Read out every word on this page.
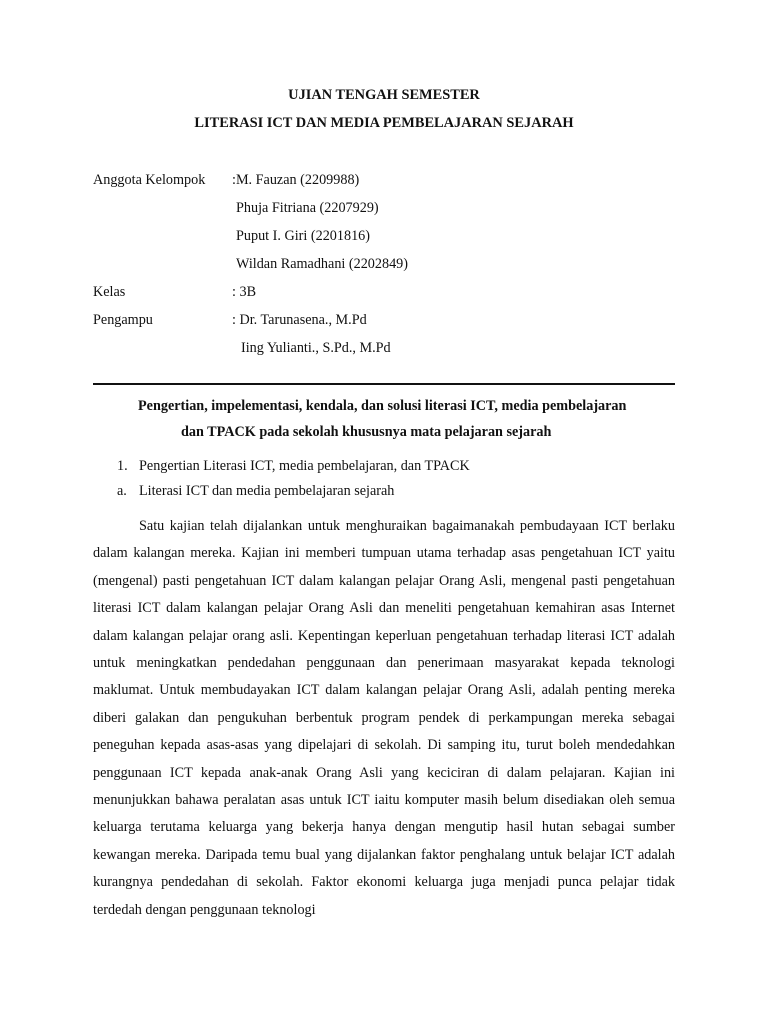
UJIAN TENGAH SEMESTER
LITERASI ICT DAN MEDIA PEMBELAJARAN SEJARAH
Anggota Kelompok :M. Fauzan (2209988)
Phuja Fitriana (2207929)
Puput I. Giri (2201816)
Wildan Ramadhani (2202849)
Kelas	: 3B
Pengampu	: Dr. Tarunasena., M.Pd
Iing Yulianti., S.Pd., M.Pd
Pengertian, impelementasi, kendala, dan solusi literasi ICT, media pembelajaran
dan TPACK pada sekolah khususnya mata pelajaran sejarah
1. Pengertian Literasi ICT, media pembelajaran, dan TPACK
a. Literasi ICT dan media pembelajaran sejarah

Satu kajian telah dijalankan untuk menghuraikan bagaimanakah pembudayaan ICT berlaku dalam kalangan mereka. Kajian ini memberi tumpuan utama terhadap asas pengetahuan ICT yaitu (mengenal) pasti pengetahuan ICT dalam kalangan pelajar Orang Asli, mengenal pasti pengetahuan literasi ICT dalam kalangan pelajar Orang Asli dan meneliti pengetahuan kemahiran asas Internet dalam kalangan pelajar orang asli. Kepentingan keperluan pengetahuan terhadap literasi ICT adalah untuk meningkatkan pendedahan penggunaan dan penerimaan masyarakat kepada teknologi maklumat. Untuk membudayakan ICT dalam kalangan pelajar Orang Asli, adalah penting mereka diberi galakan dan pengukuhan berbentuk program pendek di perkampungan mereka sebagai peneguhan kepada asas-asas yang dipelajari di sekolah. Di samping itu, turut boleh mendedahkan penggunaan ICT kepada anak-anak Orang Asli yang keciciran di dalam pelajaran. Kajian ini menunjukkan bahawa peralatan asas untuk ICT iaitu komputer masih belum disediakan oleh semua keluarga terutama keluarga yang bekerja hanya dengan mengutip hasil hutan sebagai sumber kewangan mereka. Daripada temu bual yang dijalankan faktor penghalang untuk belajar ICT adalah kurangnya pendedahan di sekolah. Faktor ekonomi keluarga juga menjadi punca pelajar tidak terdedah dengan penggunaan teknologi
